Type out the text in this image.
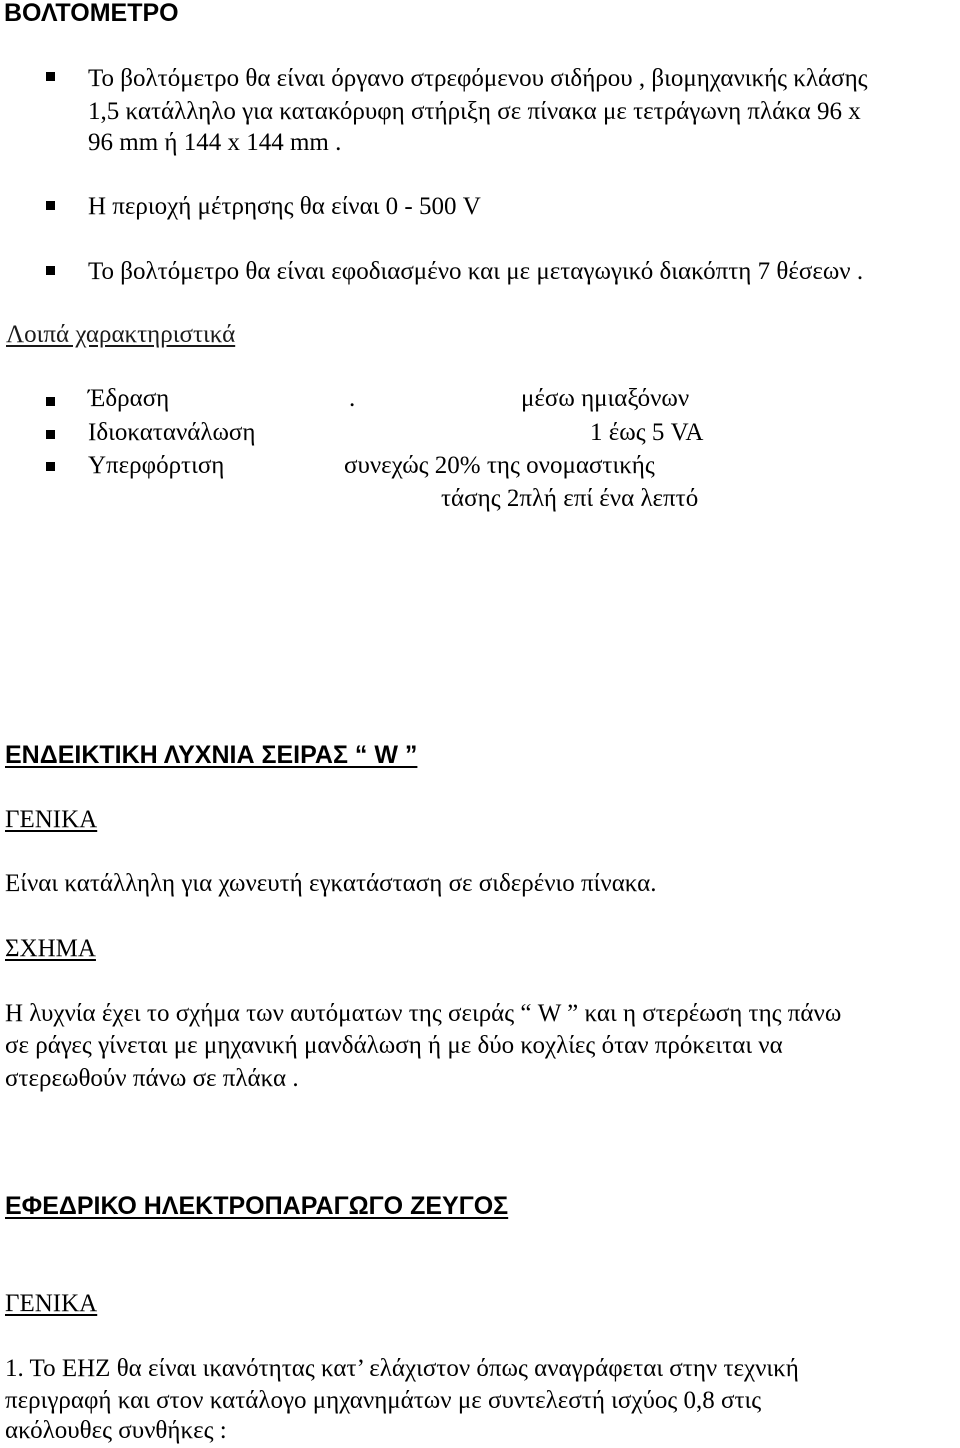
ΒΟΛΤΟΜΕΤΡΟ
Το βολτόμετρο θα είναι όργανο στρεφόμενου σιδήρου , βιομηχανικής κλάσης
1,5 κατάλληλο για κατακόρυφη στήριξη σε πίνακα με τετράγωνη πλάκα 96 x
96 mm ή 144 x 144 mm .
Η περιοχή μέτρησης θα είναι 0 - 500 V
Το βολτόμετρο θα είναι εφοδιασμένο και με μεταγωγικό διακόπτη 7 θέσεων .
Λοιπά χαρακτηριστικά
Έδραση	.	μέσω ημιαξόνων
Ιδιοκατανάλωση	1 έως 5 VA
Υπερφόρτιση	συνεχώς 20% της ονομαστικής
τάσης 2πλή επί ένα λεπτό
ΕΝΔΕΙΚΤΙΚΗ ΛΥΧΝΙΑ ΣΕΙΡΑΣ “ W ”
ΓΕΝΙΚΑ
Είναι κατάλληλη για χωνευτή εγκατάσταση σε σιδερένιο πίνακα.
ΣΧΗΜΑ
Η λυχνία έχει το σχήμα των αυτόματων της σειράς “ W ” και η στερέωση της πάνω
σε ράγες γίνεται με μηχανική μανδάλωση ή με δύο κοχλίες όταν πρόκειται να
στερεωθούν πάνω σε πλάκα .
ΕΦΕΔΡΙΚΟ ΗΛΕΚΤΡΟΠΑΡΑΓΩΓΟ ΖΕΥΓΟΣ
ΓΕΝΙΚΑ
1. Το ΕΗΖ θα είναι ικανότητας κατ’ ελάχιστον όπως αναγράφεται στην τεχνική
περιγραφή και στον κατάλογο μηχανημάτων με συντελεστή ισχύος 0,8 στις
ακόλουθες συνθήκες :
